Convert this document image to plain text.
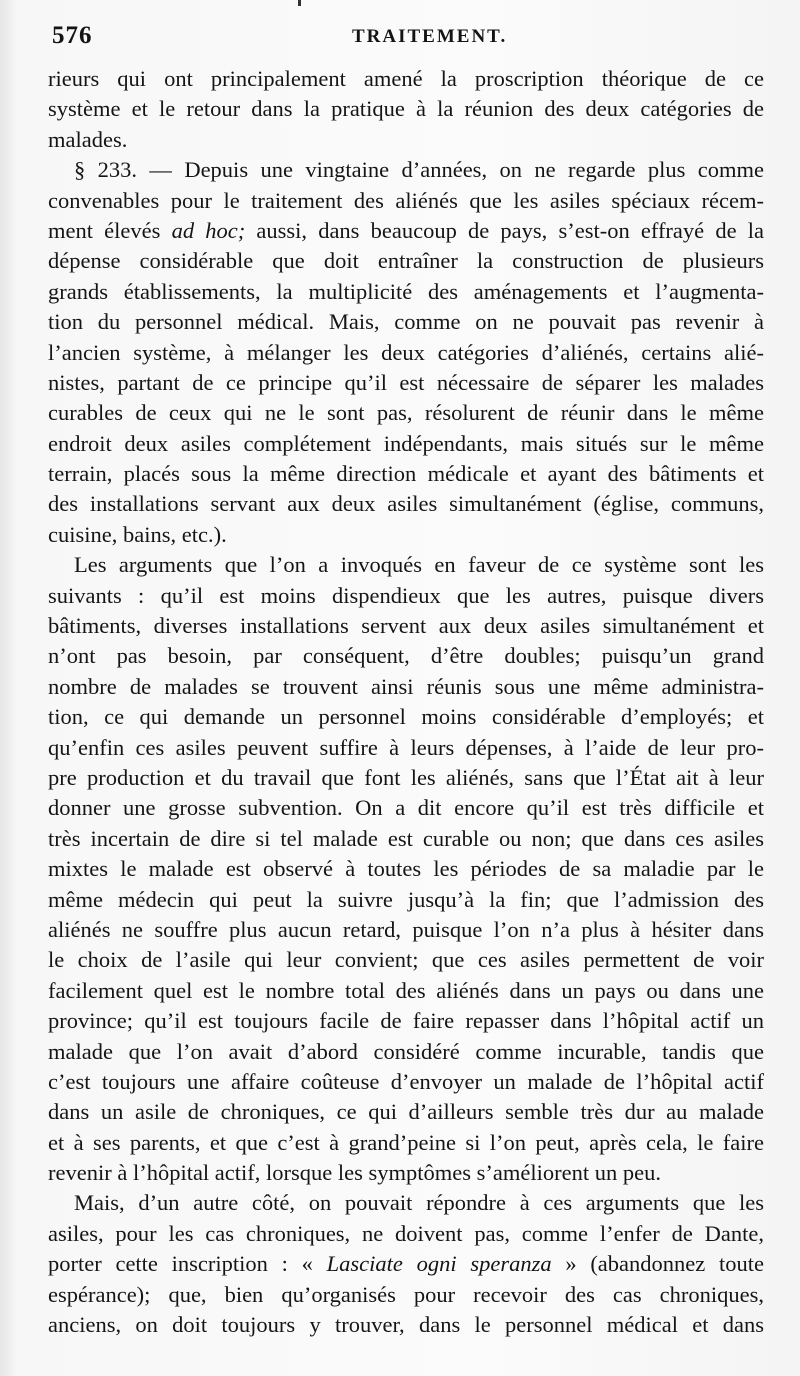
576	TRAITEMENT.
rieurs qui ont principalement amené la proscription théorique de ce
système et le retour dans la pratique à la réunion des deux catégories de
malades.
§ 233. — Depuis une vingtaine d’années, on ne regarde plus comme
convenables pour le traitement des aliénés que les asiles spéciaux récem-
ment élevés ad hoc; aussi, dans beaucoup de pays, s’est-on effrayé de la
dépense considérable que doit entraîner la construction de plusieurs
grands établissements, la multiplicité des aménagements et l’augmenta-
tion du personnel médical. Mais, comme on ne pouvait pas revenir à
l’ancien système, à mélanger les deux catégories d’aliénés, certains alié-
nistes, partant de ce principe qu’il est nécessaire de séparer les malades
curables de ceux qui ne le sont pas, résolurent de réunir dans le même
endroit deux asiles complétement indépendants, mais situés sur le même
terrain, placés sous la même direction médicale et ayant des bâtiments et
des installations servant aux deux asiles simultanément (église, communs,
cuisine, bains, etc.).
Les arguments que l’on a invoqués en faveur de ce système sont les
suivants : qu’il est moins dispendieux que les autres, puisque divers
bâtiments, diverses installations servent aux deux asiles simultanément et
n’ont pas besoin, par conséquent, d’être doubles; puisqu’un grand
nombre de malades se trouvent ainsi réunis sous une même administra-
tion, ce qui demande un personnel moins considérable d’employés; et
qu’enfin ces asiles peuvent suffire à leurs dépenses, à l’aide de leur pro-
pre production et du travail que font les aliénés, sans que l’État ait à leur
donner une grosse subvention. On a dit encore qu’il est très difficile et
très incertain de dire si tel malade est curable ou non; que dans ces asiles
mixtes le malade est observé à toutes les périodes de sa maladie par le
même médecin qui peut la suivre jusqu’à la fin; que l’admission des
aliénés ne souffre plus aucun retard, puisque l’on n’a plus à hésiter dans
le choix de l’asile qui leur convient; que ces asiles permettent de voir
facilement quel est le nombre total des aliénés dans un pays ou dans une
province; qu’il est toujours facile de faire repasser dans l’hôpital actif un
malade que l’on avait d’abord considéré comme incurable, tandis que
c’est toujours une affaire coûteuse d’envoyer un malade de l’hôpital actif
dans un asile de chroniques, ce qui d’ailleurs semble très dur au malade
et à ses parents, et que c’est à grand’peine si l’on peut, après cela, le faire
revenir à l’hôpital actif, lorsque les symptômes s’améliorent un peu.
Mais, d’un autre côté, on pouvait répondre à ces arguments que les
asiles, pour les cas chroniques, ne doivent pas, comme l’enfer de Dante,
porter cette inscription : « Lasciate ogni speranza » (abandonnez toute
espérance); que, bien qu’organisés pour recevoir des cas chroniques,
anciens, on doit toujours y trouver, dans le personnel médical et dans
